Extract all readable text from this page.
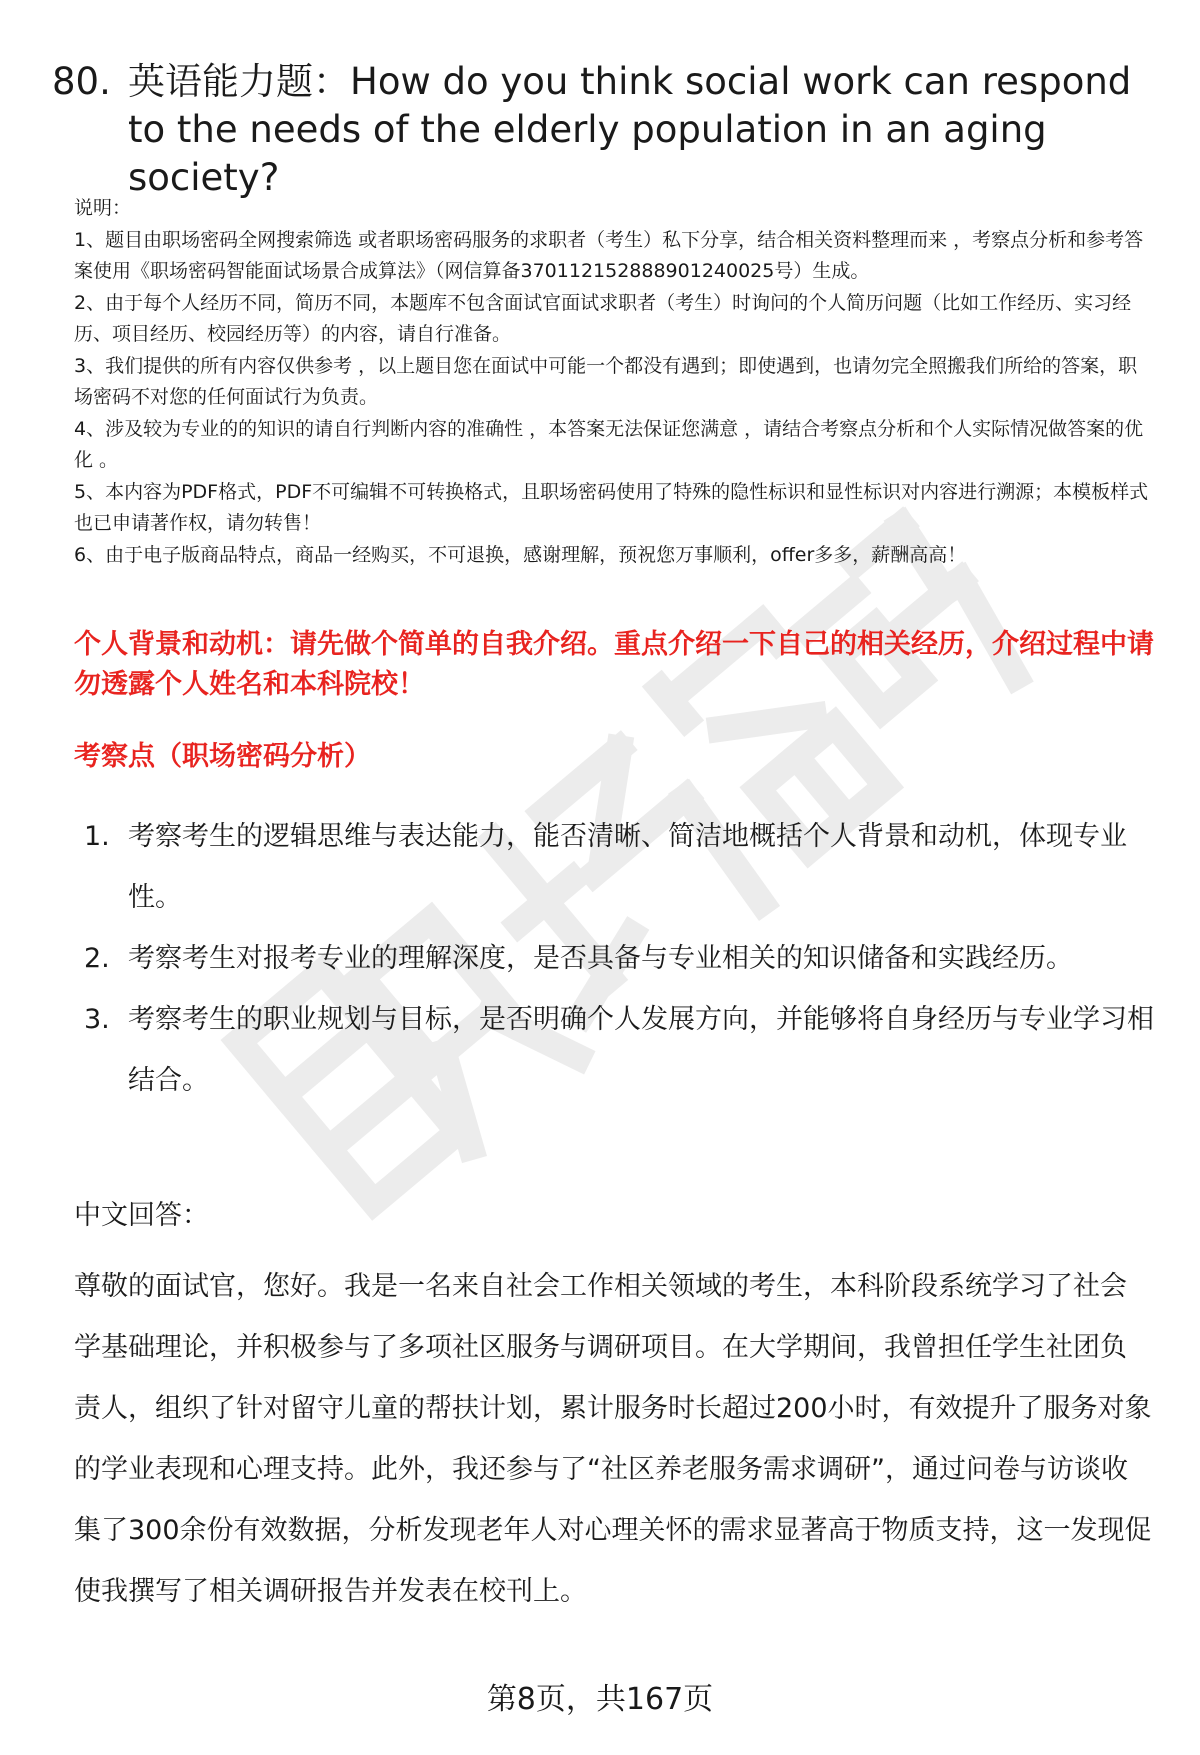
80. 英语能力题：How do you think social work can respond to the needs of the elderly population in an aging society?

说明：

1、题目由职场密码全网搜索筛选 或者职场密码服务的求职者（考生）私下分享，结合相关资料整理而来 ，考察点分析和参考答案使用《职场密码智能面试场景合成算法》（网信算备370112152888901240025号）生成。

2、由于每个人经历不同，简历不同，本题库不包含面试官面试求职者（考生）时询问的个人简历问题（比如工作经历、实习经历、项目经历、校园经历等）的内容，请自行准备。

3、我们提供的所有内容仅供参考 ，以上题目您在面试中可能一个都没有遇到；即使遇到，也请勿完全照搬我们所给的答案，职场密码不对您的任何面试行为负责。

4、涉及较为专业的的知识的请自行判断内容的准确性 ，本答案无法保证您满意 ，请结合考察点分析和个人实际情况做答案的优化 。

5、本内容为PDF格式，PDF不可编辑不可转换格式，且职场密码使用了特殊的隐性标识和显性标识对内容进行溯源；本模板样式也已申请著作权，请勿转售！

6、由于电子版商品特点，商品一经购买，不可退换，感谢理解，预祝您万事顺利，offer多多，薪酬高高！

个人背景和动机：请先做个简单的自我介绍。重点介绍一下自己的相关经历，介绍过程中请勿透露个人姓名和本科院校！
考察点（职场密码分析）
1. 考察考生的逻辑思维与表达能力，能否清晰、简洁地概括个人背景和动机，体现专业性。
2. 考察考生对报考专业的理解深度，是否具备与专业相关的知识储备和实践经历。
3. 考察考生的职业规划与目标，是否明确个人发展方向，并能够将自身经历与专业学习相结合。
中文回答：

尊敬的面试官，您好。我是一名来自社会工作相关领域的考生，本科阶段系统学习了社会学基础理论，并积极参与了多项社区服务与调研项目。在大学期间，我曾担任学生社团负责人，组织了针对留守儿童的帮扶计划，累计服务时长超过200小时，有效提升了服务对象的学业表现和心理支持。此外，我还参与了“社区养老服务需求调研”，通过问卷与访谈收集了300余份有效数据，分析发现老年人对心理关怀的需求显著高于物质支持，这一发现促使我撰写了相关调研报告并发表在校刊上。

第8页，共167页
